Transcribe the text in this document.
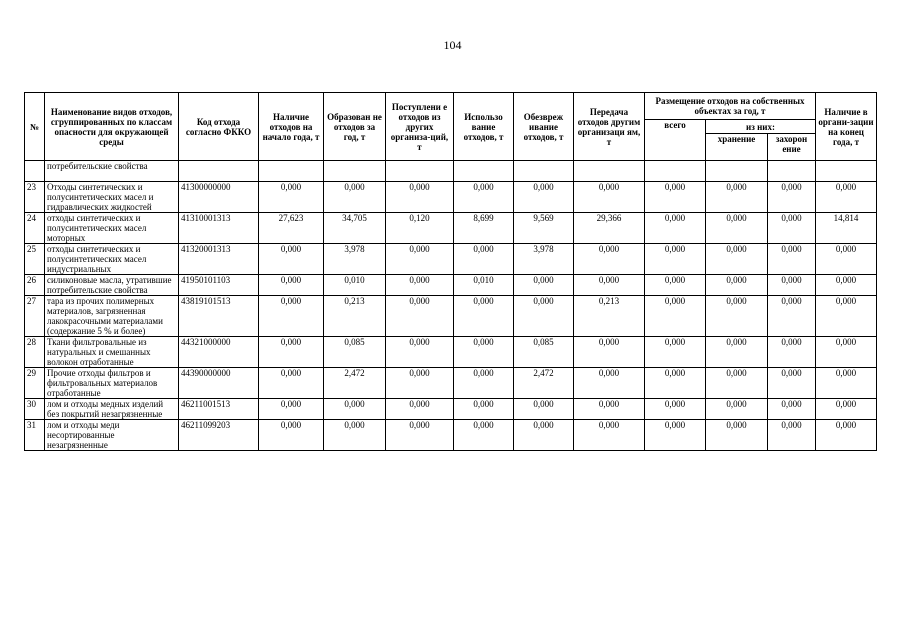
104
№	Наименование видов отходов, сгруппированных по классам опасности для окружающей среды	Код отхода согласно ФККО	Наличие отходов на начало года, т	Образован не отходов за год, т	Поступлени е отходов из других организа-ций, т	Использо вание отходов, т	Обезвреж ивание отходов, т	Передача отходов другим организаци ям, т	Размещение отходов на собственных объектах за год, т			Наличие в органи-зации на конец года, т
									всего	из них:		
										хранение	захорон ение	
	потребительские свойства											
23	Отходы синтетических и полусинтетических масел и гидравлических жидкостей	41300000000	0,000	0,000	0,000	0,000	0,000	0,000	0,000	0,000	0,000	0,000
24	отходы синтетических и полусинтетических масел моторных	41310001313	27,623	34,705	0,120	8,699	9,569	29,366	0,000	0,000	0,000	14,814
25	отходы синтетических и полусинтетических масел индустриальных	41320001313	0,000	3,978	0,000	0,000	3,978	0,000	0,000	0,000	0,000	0,000
26	силиконовые масла, утратившие потребительские свойства	41950101103	0,000	0,010	0,000	0,010	0,000	0,000	0,000	0,000	0,000	0,000
27	тара из прочих полимерных материалов, загрязненная лакокрасочными материалами (содержание 5 % и более)	43819101513	0,000	0,213	0,000	0,000	0,000	0,213	0,000	0,000	0,000	0,000
28	Ткани фильтровальные из натуральных и смешанных волокон отработанные	44321000000	0,000	0,085	0,000	0,000	0,085	0,000	0,000	0,000	0,000	0,000
29	Прочие отходы фильтров и фильтровальных материалов отработанные	44390000000	0,000	2,472	0,000	0,000	2,472	0,000	0,000	0,000	0,000	0,000
30	лом и отходы медных изделий без покрытий незагрязненные	46211001513	0,000	0,000	0,000	0,000	0,000	0,000	0,000	0,000	0,000	0,000
31	лом и отходы меди несортированные незагрязненные	46211099203	0,000	0,000	0,000	0,000	0,000	0,000	0,000	0,000	0,000	0,000
